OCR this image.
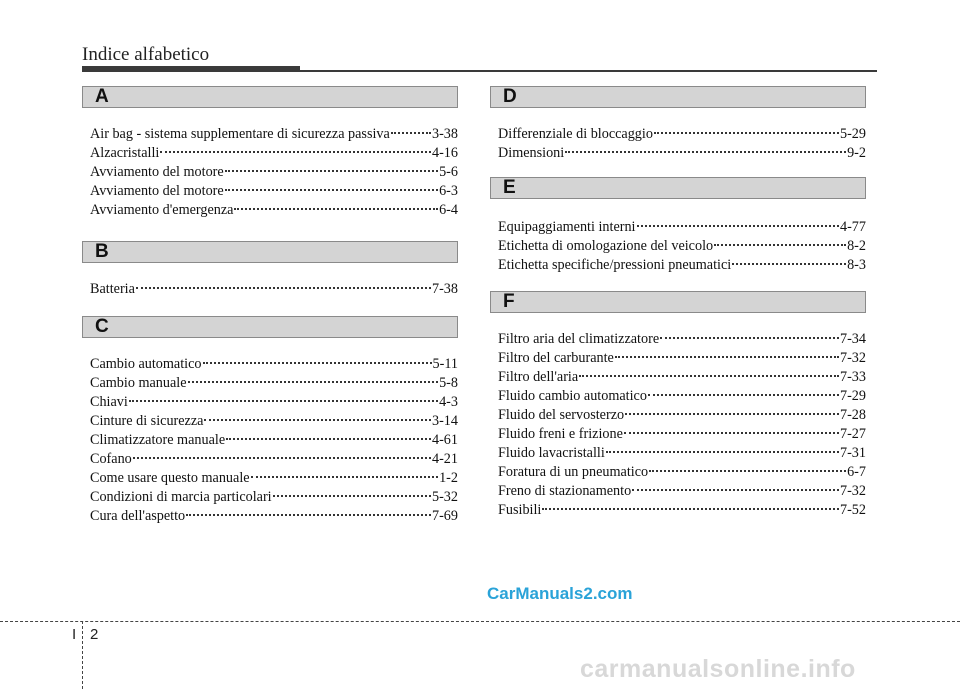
Indice alfabetico
A
Air bag - sistema supplementare di sicurezza passiva	3-38
Alzacristalli	4-16
Avviamento del motore	5-6
Avviamento del motore	6-3
Avviamento d'emergenza	6-4
B
Batteria	7-38
C
Cambio automatico	5-11
Cambio manuale	5-8
Chiavi	4-3
Cinture di sicurezza	3-14
Climatizzatore manuale	4-61
Cofano	4-21
Come usare questo manuale	1-2
Condizioni di marcia particolari	5-32
Cura dell'aspetto	7-69
D
Differenziale di bloccaggio	5-29
Dimensioni	9-2
E
Equipaggiamenti interni	4-77
Etichetta di omologazione del veicolo	8-2
Etichetta specifiche/pressioni pneumatici	8-3
F
Filtro aria del climatizzatore	7-34
Filtro del carburante	7-32
Filtro dell'aria	7-33
Fluido cambio automatico	7-29
Fluido del servosterzo	7-28
Fluido freni e frizione	7-27
Fluido lavacristalli	7-31
Foratura di un pneumatico	6-7
Freno di stazionamento	7-32
Fusibili	7-52
CarManuals2.com
I 2
carmanualsonline.info
